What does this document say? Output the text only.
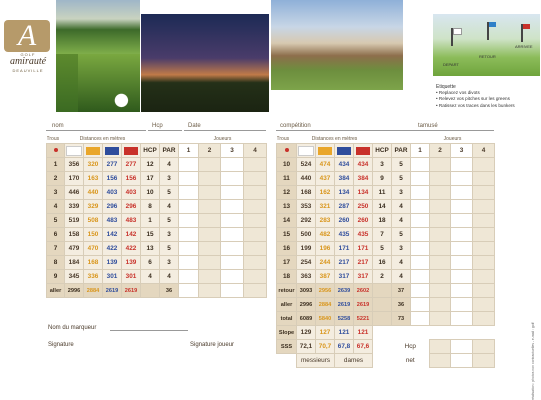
A
GOLF
amirauté
DEAUVILLE
DEPART
RETOUR
ARRIVEE
Etiquette
• Replacez vos divots
• Relevez vos pitches sur les greens
• Ratissez vos traces dans les bunkers
nom	Hcp	Date
Trous	Distances en mètres						Joueurs			
					HCP	PAR	1	2	3	4
1	356	320	277	277	12	4				
2	170	163	156	156	17	3				
3	446	440	403	403	10	5				
4	339	329	296	296	8	4				
5	519	508	483	483	1	5				
6	158	150	142	142	15	3				
7	479	470	422	422	13	5				
8	184	168	139	139	6	3				
9	345	336	301	301	4	4				
aller	2996	2884	2619	2619		36				
Nom du marqueur
Signature	Signature joueur
compétition	tamusé
Trous	Distances en mètres						Joueurs			
					HCP	PAR	1	2	3	4
10	524	474	434	434	3	5				
11	440	437	384	384	9	5				
12	168	162	134	134	11	3				
13	353	321	287	250	14	4				
14	292	283	260	260	18	4				
15	500	482	435	435	7	5				
16	199	196	171	171	5	3				
17	254	244	217	217	16	4				
18	363	387	317	317	2	4				
retour	3093	2956	2639	2602		37				
aller	2996	2884	2619	2619		36				
total	6089	5840	5258	5221		73				
Slope	129	127	121	121						
SSS	72,1	70,7	67,8	67,6		Hcp				
	messieurs		dames			net					réalisation : photos non contractuelles - e-mail : golf
